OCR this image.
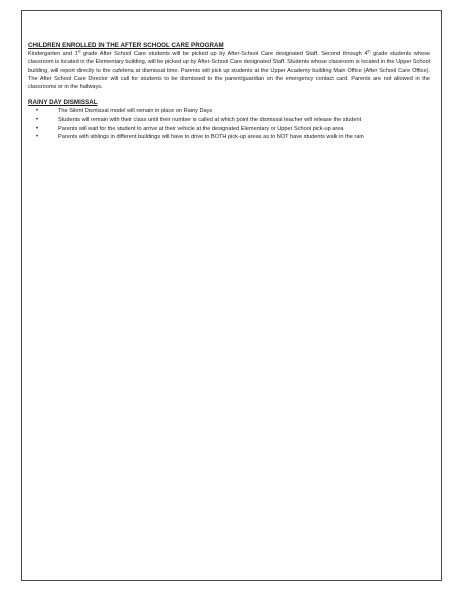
CHILDREN ENROLLED IN THE AFTER SCHOOL CARE PROGRAM

Kindergarten and 1st grade After School Care students will be picked up by After-School Care designated Staff. Second through 4th grade students whose classroom is located in the Elementary building, will be picked up by After-School Care designated Staff. Students whose classroom is located in the Upper School building, will report directly to the cafeteria at dismissal time. Parents will pick up students at the Upper Academy building Main Office (After School Care Office). The After School Care Director will call for students to be dismissed to the parent/guardian on the emergency contact card. Parents are not allowed in the classrooms or in the hallways.

RAINY DAY DISMISSAL
•	The Silent Dismissal model will remain in place on Rainy Days
•	Students will remain with their class until their number is called at which point the dismissal teacher will release the student
•	Parents will wait for the student to arrive at their vehicle at the designated Elementary or Upper School pick-up area
•	Parents with siblings in different buildings will have to drive to BOTH pick-up areas as to NOT have students walk in the rain
